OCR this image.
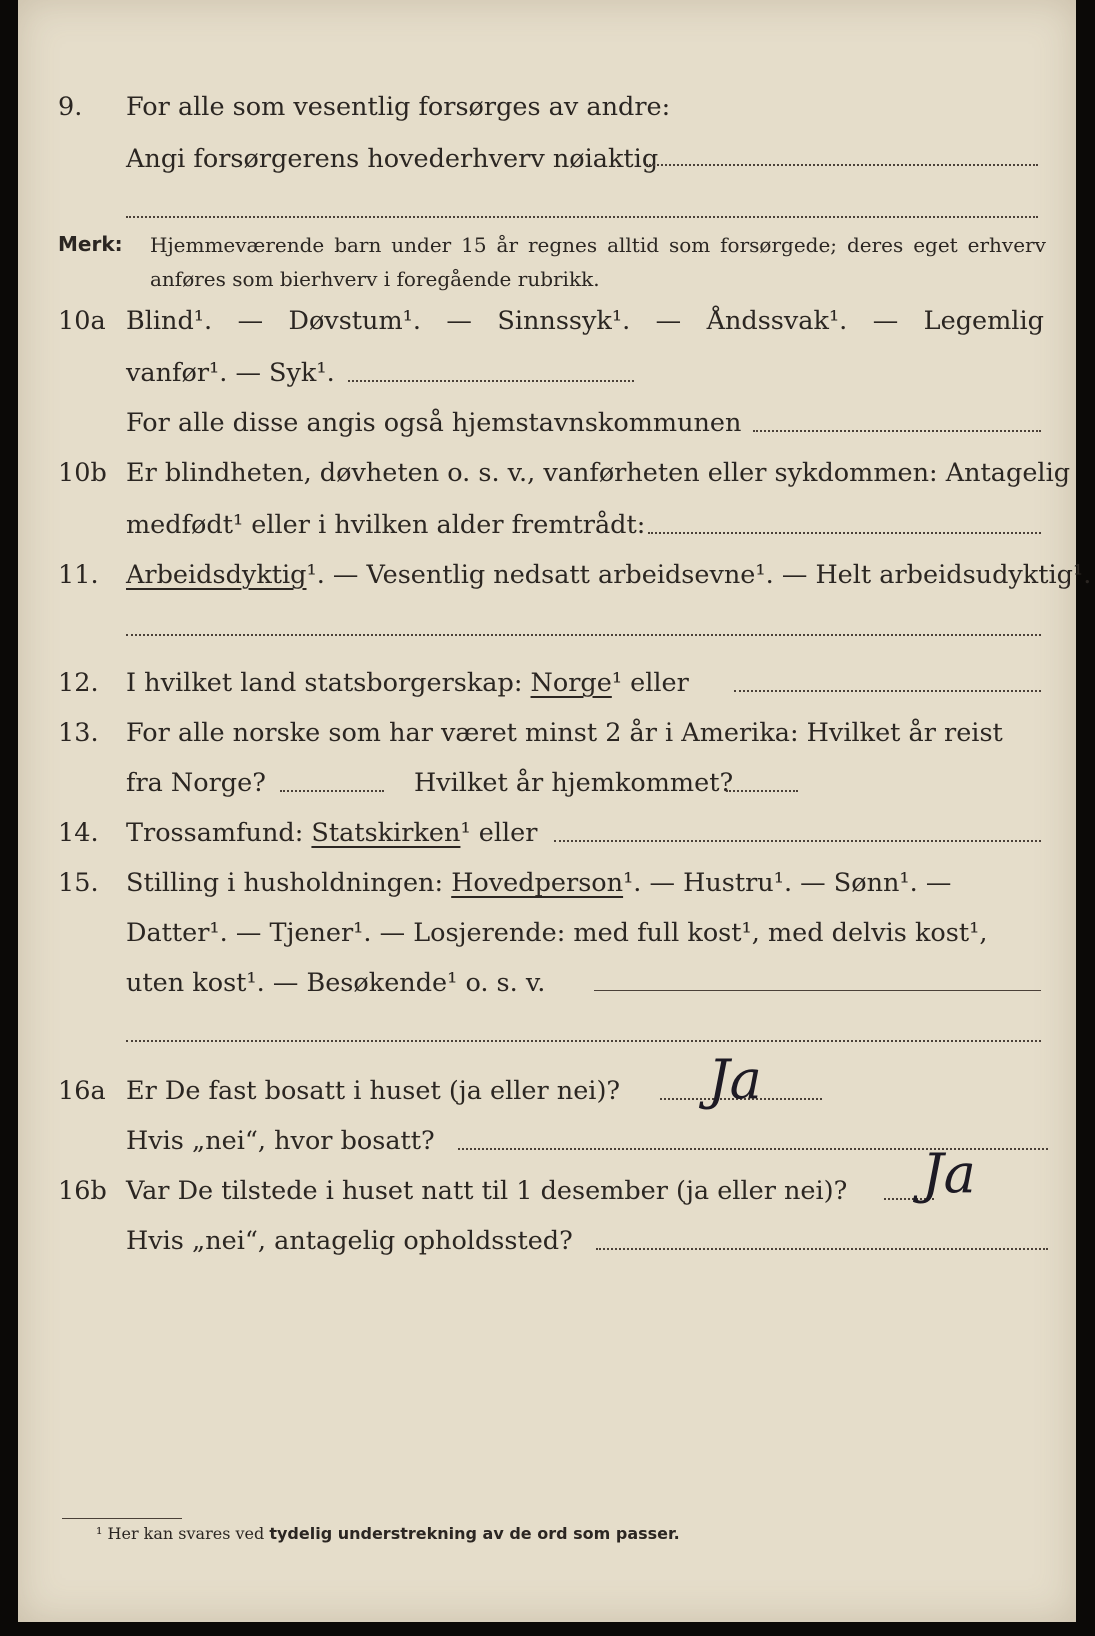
9. For alle som vesentlig forsørges av andre:
Angi forsørgerens hovederhverv nøiaktig
Merk: Hjemmeværende barn under 15 år regnes alltid som forsørgede; deres eget erhverv
anføres som bierhverv i foregående rubrikk.
10a Blind¹. — Døvstum¹. — Sinnssyk¹. — Åndssvak¹. — Legemlig
vanfør¹. — Syk¹.
For alle disse angis også hjemstavnskommunen
10b Er blindheten, døvheten o. s. v., vanførheten eller sykdommen: Antagelig
medfødt¹ eller i hvilken alder fremtrådt:
11. Arbeidsdyktig¹. — Vesentlig nedsatt arbeidsevne¹. — Helt arbeidsudyktig¹.
12. I hvilket land statsborgerskap: Norge¹ eller
13. For alle norske som har været minst 2 år i Amerika: Hvilket år reist
fra Norge?	Hvilket år hjemkommet?
14. Trossamfund: Statskirken¹ eller
15. Stilling i husholdningen: Hovedperson¹. — Hustru¹. — Sønn¹. —
Datter¹. — Tjener¹. — Losjerende: med full kost¹, med delvis kost¹,
uten kost¹. — Besøkende¹ o. s. v.
16a Er De fast bosatt i huset (ja eller nei)? Ja
Hvis „nei“, hvor bosatt?
16b Var De tilstede i huset natt til 1 desember (ja eller nei)? Ja
Hvis „nei“, antagelig opholdssted?
¹ Her kan svares ved tydelig understrekning av de ord som passer.
